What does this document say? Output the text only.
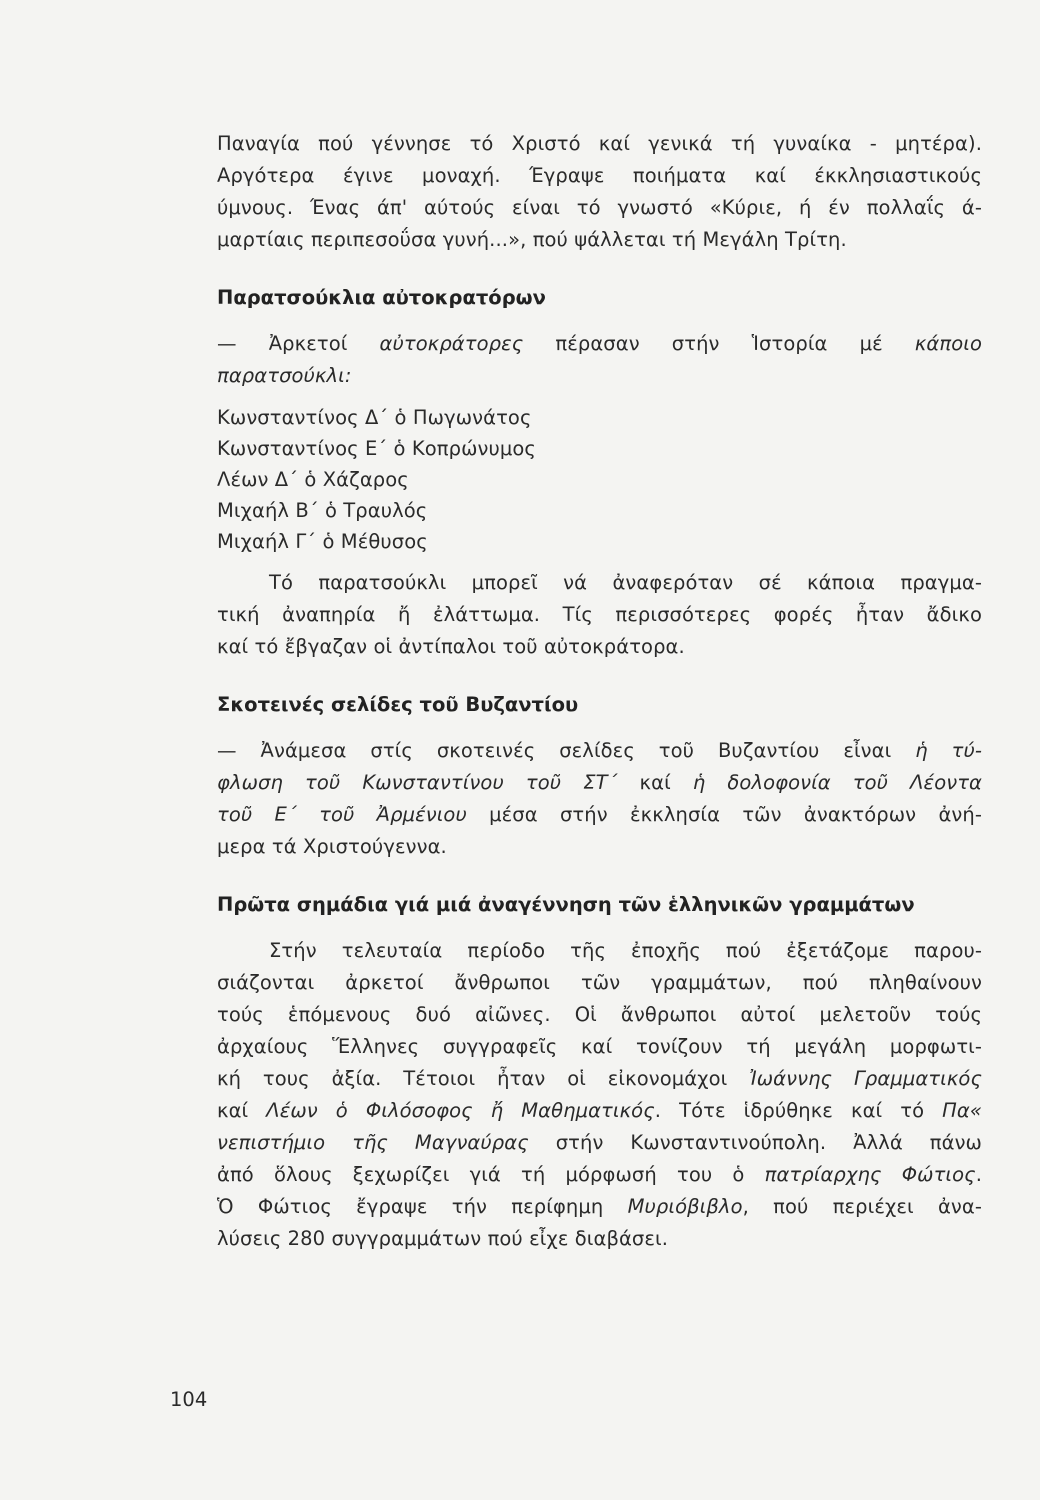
Παναγία πού γέννησε τό Χριστό καί γενικά τή γυναίκα - μητέρα).
Αργότερα έγινε μοναχή. Έγραψε ποιήματα καί έκκλησιαστικούς
ύμνους. Ένας άπ' αύτούς είναι τό γνωστό «Κύριε, ή έν πολλαΐς ά-
μαρτίαις περιπεσοΰσα γυνή...», πού ψάλλεται τή Μεγάλη Τρίτη.
Παρατσούκλια αὐτοκρατόρων
— Ἀρκετοί αὐτοκράτορες πέρασαν στήν Ἱστορία μέ κάποιο
παρατσούκλι:
Κωνσταντίνος Δ΄ ὁ Πωγωνάτος
Κωνσταντίνος Ε΄ ὁ Κοπρώνυμος
Λέων Δ΄ ὁ Χάζαρος
Μιχαήλ Β΄ ὁ Τραυλός
Μιχαήλ Γ΄ ὁ Μέθυσος
Τό παρατσούκλι μπορεῖ νά ἀναφερόταν σέ κάποια πραγμα-
τική ἀναπηρία ἤ ἐλάττωμα. Τίς περισσότερες φορές ἦταν ἄδικο
καί τό ἔβγαζαν οἱ ἀντίπαλοι τοῦ αὐτοκράτορα.
Σκοτεινές σελίδες τοῦ Βυζαντίου
— Ἀνάμεσα στίς σκοτεινές σελίδες τοῦ Βυζαντίου εἶναι ἡ τύ-
φλωση τοῦ Κωνσταντίνου τοῦ ΣΤ΄ καί ἡ δολοφονία τοῦ Λέοντα
τοῦ Ε΄ τοῦ Ἀρμένιου μέσα στήν ἐκκλησία τῶν ἀνακτόρων ἀνή-
μερα τά Χριστούγεννα.
Πρῶτα σημάδια γιά μιά ἀναγέννηση τῶν ἑλληνικῶν γραμμάτων
Στήν τελευταία περίοδο τῆς ἐποχῆς πού ἐξετάζομε παρου-
σιάζονται ἀρκετοί ἄνθρωποι τῶν γραμμάτων, πού πληθαίνουν
τούς ἑπόμενους δυό αἰῶνες. Οἱ ἄνθρωποι αὐτοί μελετοῦν τούς
ἀρχαίους Ἕλληνες συγγραφεῖς καί τονίζουν τή μεγάλη μορφωτι-
κή τους ἀξία. Τέτοιοι ἦταν οἱ εἰκονομάχοι Ἰωάννης Γραμματικός
καί Λέων ὁ Φιλόσοφος ἤ Μαθηματικός. Τότε ἱδρύθηκε καί τό Πα«
νεπιστήμιο τῆς Μαγναύρας στήν Κωνσταντινούπολη. Ἀλλά πάνω
ἀπό ὅλους ξεχωρίζει γιά τή μόρφωσή του ὁ πατρίαρχης Φώτιος.
Ὁ Φώτιος ἔγραψε τήν περίφημη Μυριόβιβλο, πού περιέχει ἀνα-
λύσεις 280 συγγραμμάτων πού εἶχε διαβάσει.
104
